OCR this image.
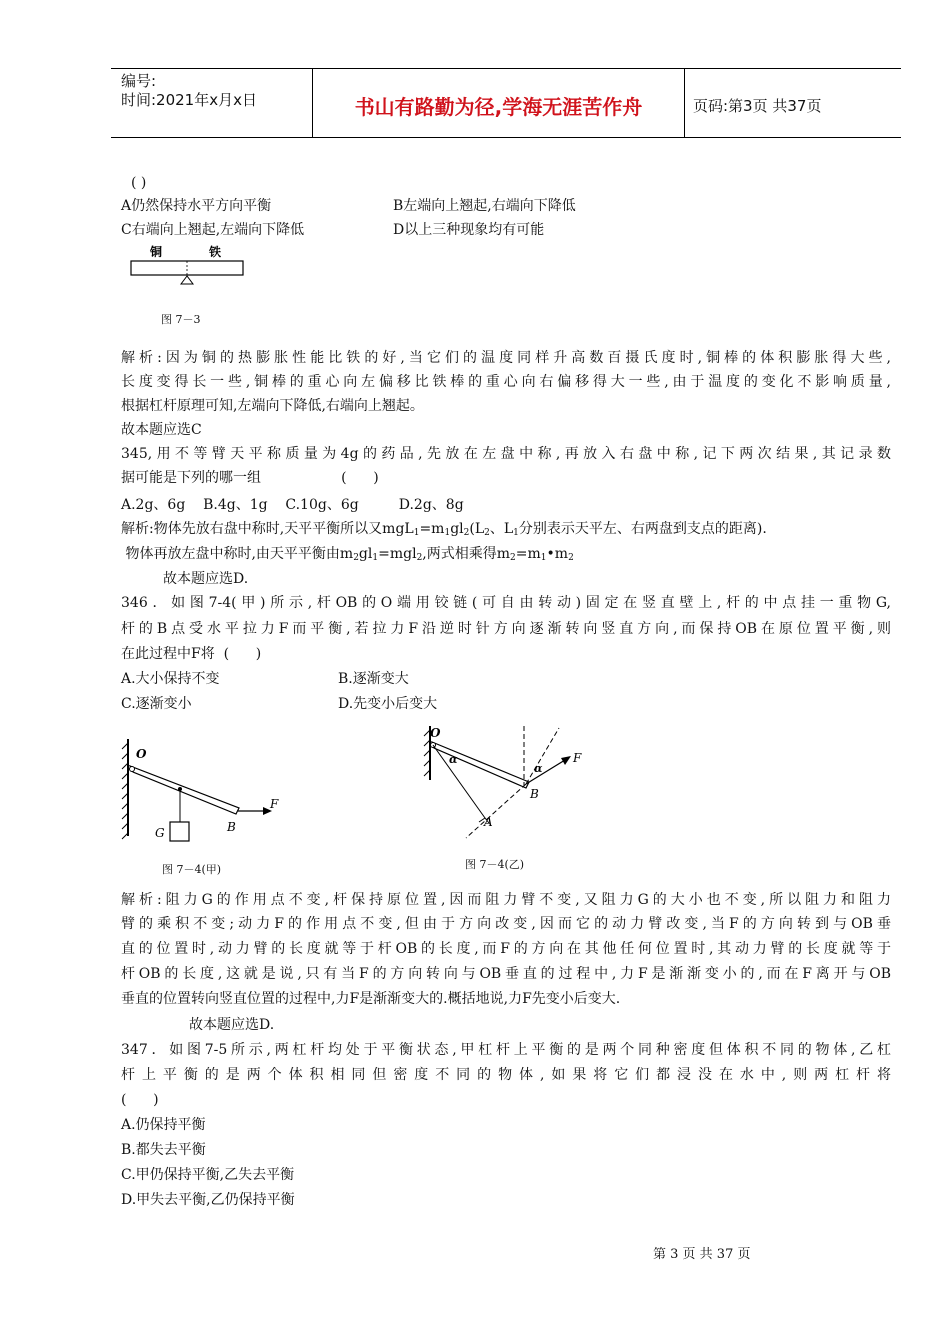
编号:
时间:2021年x月x日	书山有路勤为径,学海无涯苦作舟	页码:第3页 共37页
( )
A仍然保持水平方向平衡	B左端向上翘起,右端向下降低
C右端向上翘起,左端向下降低	D以上三种现象均有可能
铜	铁
图 7－3
解析:因为铜的热膨胀性能比铁的好,当它们的温度同样升高数百摄氏度时,铜棒的体积膨胀得大些,
长度变得长一些,铜棒的重心向左偏移比铁棒的重心向右偏移得大一些,由于温度的变化不影响质量,
根据杠杆原理可知,左端向下降低,右端向上翘起。
故本题应选C
345,用不等臂天平称质量为4g的药品,先放在左盘中称,再放入右盘中称,记下两次结果,其记录数
据可能是下列的哪一组                  (      )
A.2g、6g    B.4g、1g    C.10g、6g         D.2g、8g
解析:物体先放右盘中称时,天平平衡所以又$mgL_1=m_1gl_2(L_2$、$L_1$分别表示天平左、右两盘到支点的距离).
物体再放左盘中称时,由天平平衡由$m_2gl_1=mgl_2$,两式相乘得$m_2=m_1•m_2$
故本题应选D.
346．如图7-4(甲)所示,杆OB的O端用铰链(可自由转动)固定在竖直壁上,杆的中点挂一重物G,
杆的B点受水平拉力F而平衡,若拉力F沿逆时针方向逐渐转向竖直方向,而保持OB在原位置平衡,则
在此过程中F将  (      )
A.大小保持不变	B.逐渐变大
C.逐渐变小	D.先变小后变大
O
B
F
G
图 7－4(甲)
O
α
α
B
F
A
图 7－4(乙)
解析:阻力G的作用点不变,杆保持原位置,因而阻力臂不变,又阻力G的大小也不变,所以阻力和阻力
臂的乘积不变;动力F的作用点不变,但由于方向改变,因而它的动力臂改变,当F的方向转到与OB垂
直的位置时,动力臂的长度就等于杆OB的长度,而F的方向在其他任何位置时,其动力臂的长度就等于
杆OB的长度,这就是说,只有当F的方向转向与OB垂直的过程中,力F是渐渐变小的,而在F离开与OB
垂直的位置转向竖直位置的过程中,力F是渐渐变大的.概括地说,力F先变小后变大.
故本题应选D.
347．如图7-5所示,两杠杆均处于平衡状态,甲杠杆上平衡的是两个同种密度但体积不同的物体,乙杠
杆上平衡的是两个体积相同但密度不同的物体,如果将它们都浸没在水中,则两杠杆将
(      )
A.仍保持平衡
B.都失去平衡
C.甲仍保持平衡,乙失去平衡
D.甲失去平衡,乙仍保持平衡
第 3 页 共 37 页
